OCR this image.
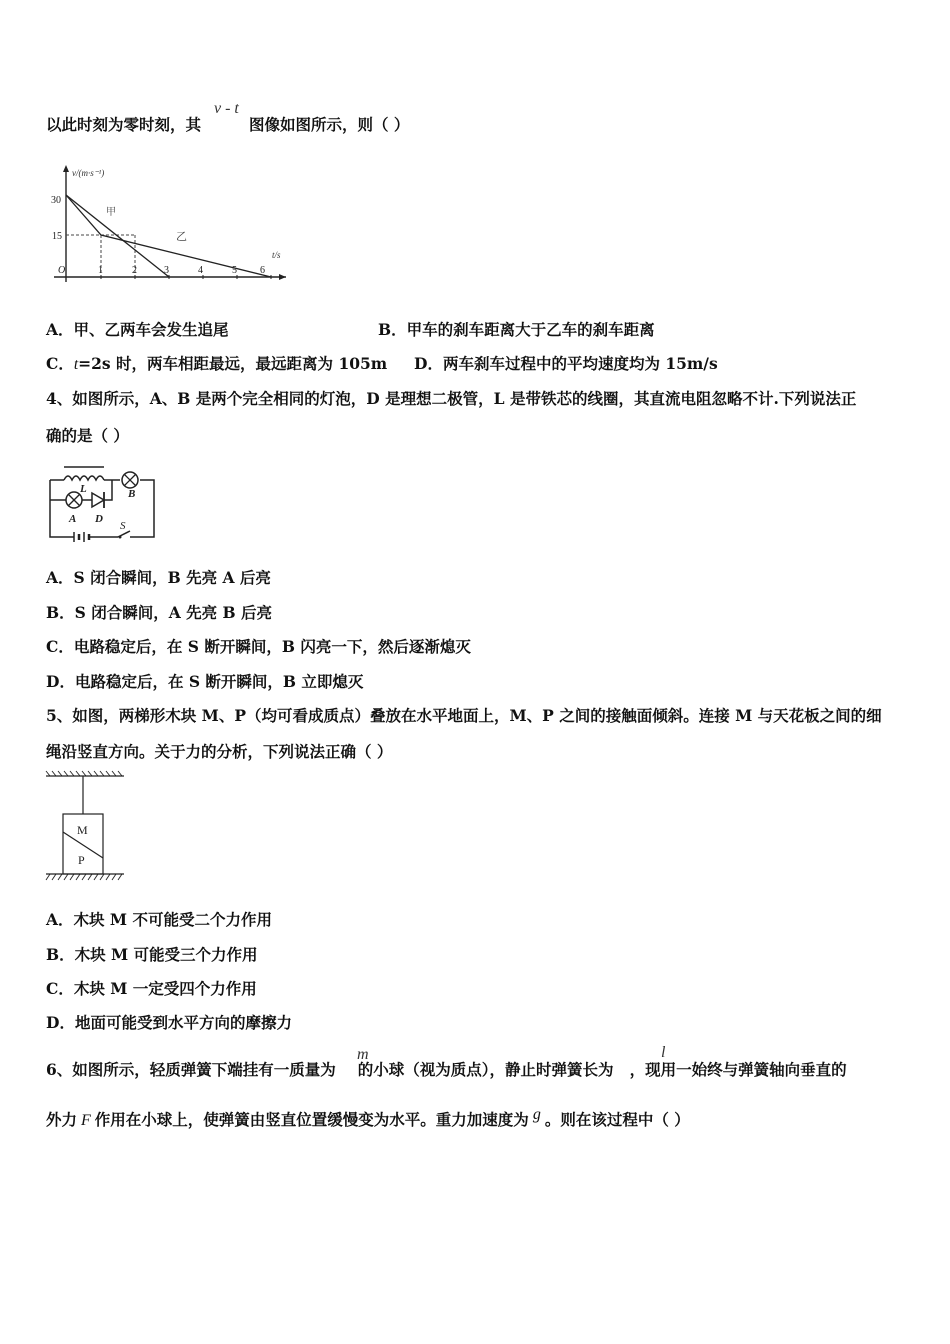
以此时刻为零时刻，其	图像如图所示，则（ ）
v - t
v/(m·s⁻¹)
t/s
O
30
15
1	2	3	4	5 6
甲
乙
A．甲、乙两车会发生追尾	B．甲车的刹车距离大于乙车的刹车距离
C．t=2s 时，两车相距最远，最远距离为 105m D．两车刹车过程中的平均速度均为 15m/s
4、如图所示，A、B 是两个完全相同的灯泡，D 是理想二极管，L 是带铁芯的线圈，其直流电阻忽略不计.下列说法正
确的是（ ）
S
L	B
A D
A．S 闭合瞬间，B 先亮 A 后亮
B．S 闭合瞬间，A 先亮 B 后亮
C．电路稳定后，在 S 断开瞬间，B 闪亮一下，然后逐渐熄灭
D．电路稳定后，在 S 断开瞬间，B 立即熄灭
5、如图，两梯形木块 M、P（均可看成质点）叠放在水平地面上，M、P 之间的接触面倾斜。连接 M 与天花板之间的细
绳沿竖直方向。关于力的分析，下列说法正确（ ）
M
P
A．木块 M 不可能受二个力作用
B．木块 M 可能受三个力作用
C．木块 M 一定受四个力作用
D．地面可能受到水平方向的摩擦力
6、如图所示，轻质弹簧下端挂有一质量为 的小球（视为质点），静止时弹簧长为 ，现用一始终与弹簧轴向垂直的
m	l
外力 F 作用在小球上，使弹簧由竖直位置缓慢变为水平。重力加速度为 g 。则在该过程中（ ）
